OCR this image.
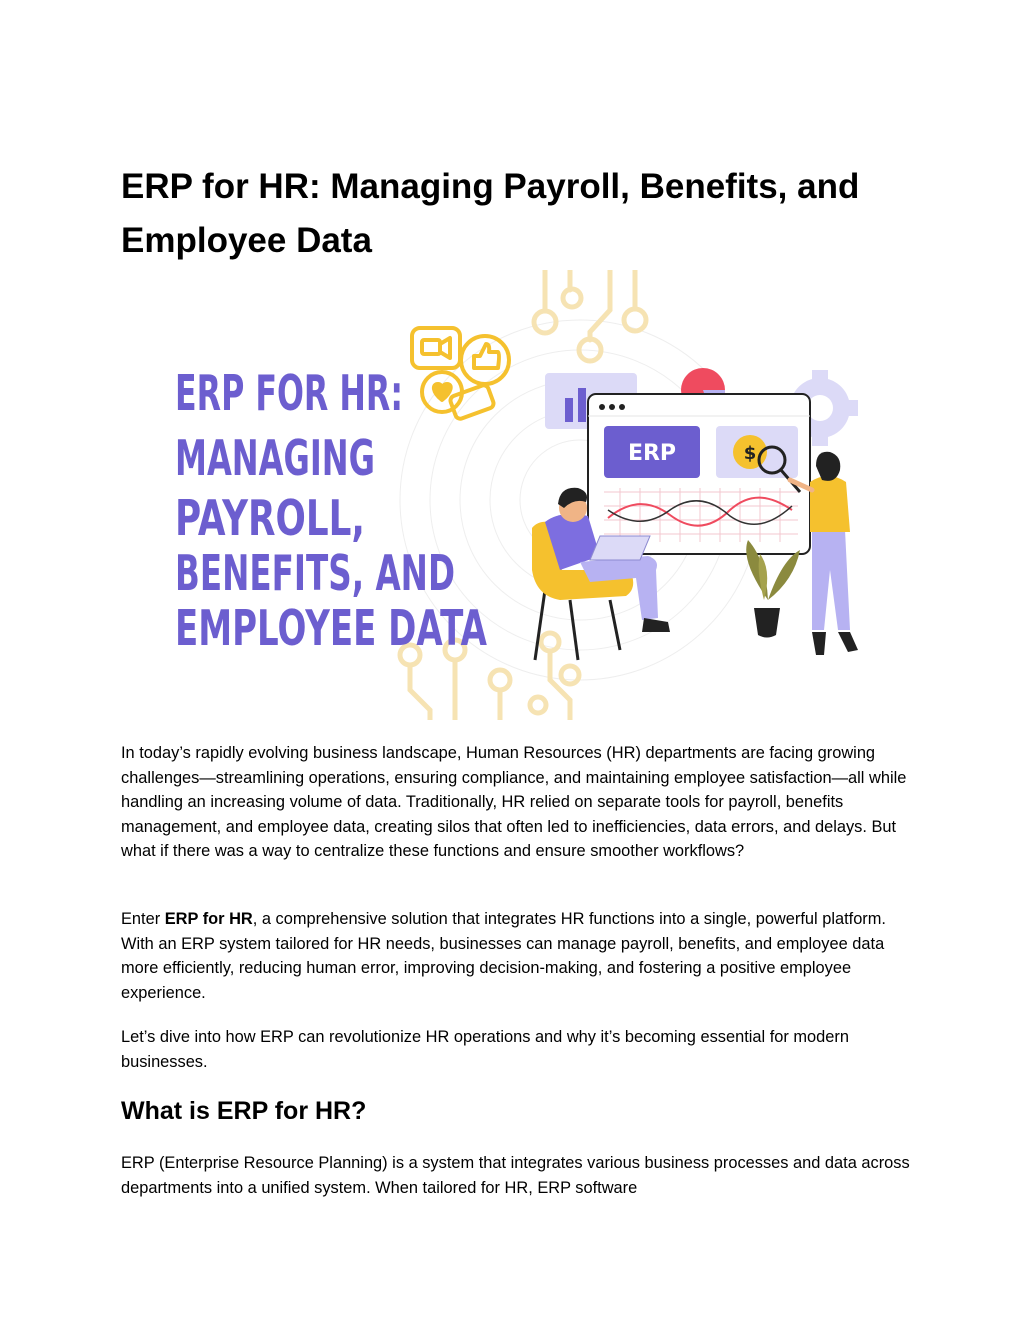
ERP for HR: Managing Payroll, Benefits, and Employee Data
ERP FOR HR:
MANAGING
PAYROLL,
BENEFITS, AND
EMPLOYEE DATA
ERP	$

In today’s rapidly evolving business landscape, Human Resources (HR) departments are facing growing challenges—streamlining operations, ensuring compliance, and maintaining employee satisfaction—all while handling an increasing volume of data. Traditionally, HR relied on separate tools for payroll, benefits management, and employee data, creating silos that often led to inefficiencies, data errors, and delays. But what if there was a way to centralize these functions and ensure smoother workflows?

Enter ERP for HR, a comprehensive solution that integrates HR functions into a single, powerful platform. With an ERP system tailored for HR needs, businesses can manage payroll, benefits, and employee data more efficiently, reducing human error, improving decision-making, and fostering a positive employee experience.

Let’s dive into how ERP can revolutionize HR operations and why it’s becoming essential for modern businesses.

What is ERP for HR?

ERP (Enterprise Resource Planning) is a system that integrates various business processes and data across departments into a unified system. When tailored for HR, ERP software
